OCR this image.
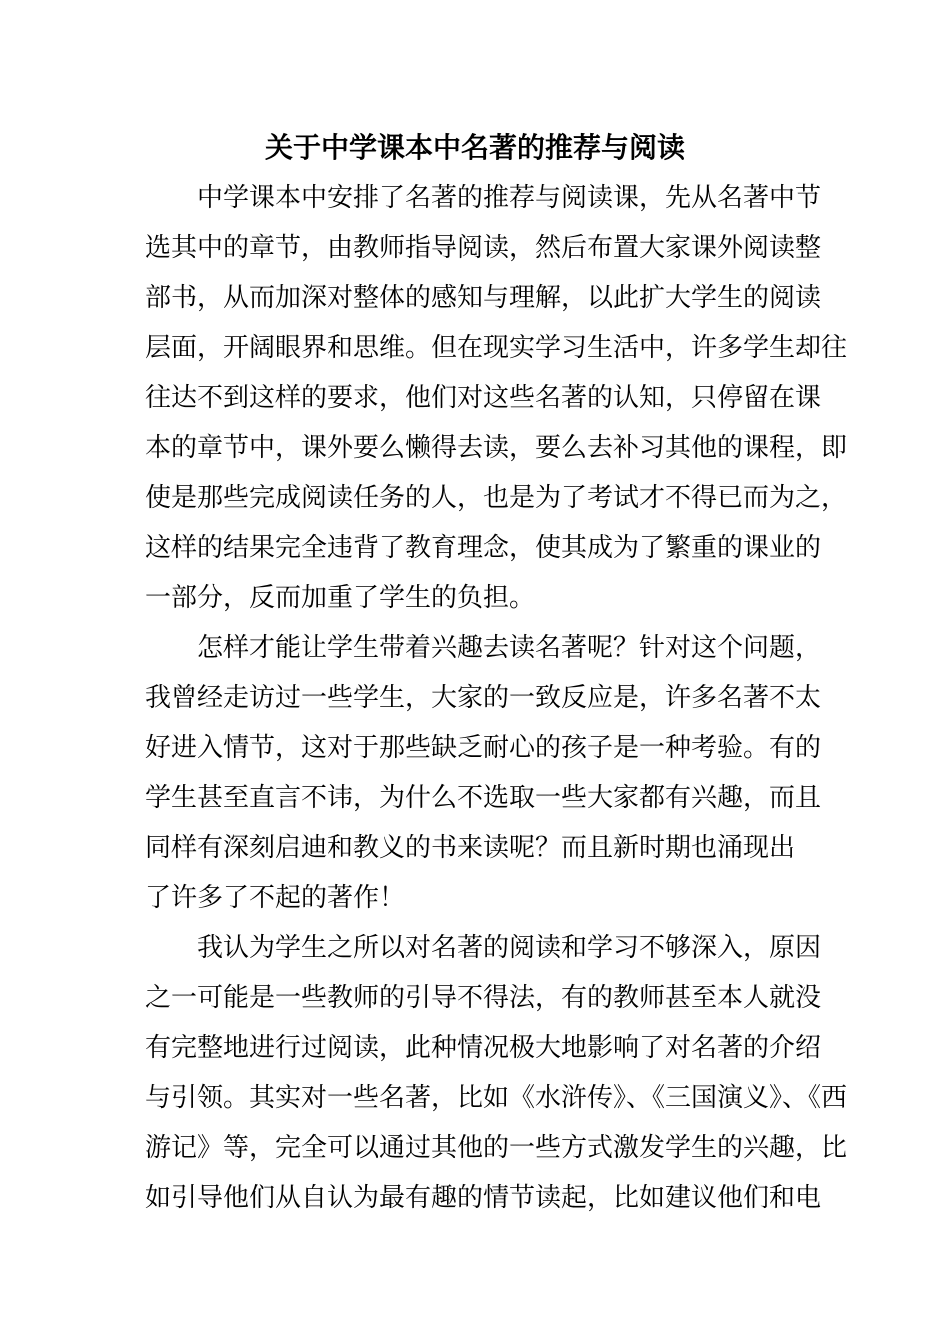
关于中学课本中名著的推荐与阅读
中学课本中安排了名著的推荐与阅读课，先从名著中节
选其中的章节，由教师指导阅读，然后布置大家课外阅读整
部书，从而加深对整体的感知与理解，以此扩大学生的阅读
层面，开阔眼界和思维。但在现实学习生活中，许多学生却往
往达不到这样的要求，他们对这些名著的认知，只停留在课
本的章节中，课外要么懒得去读，要么去补习其他的课程，即
使是那些完成阅读任务的人，也是为了考试才不得已而为之，
这样的结果完全违背了教育理念，使其成为了繁重的课业的
一部分，反而加重了学生的负担。
怎样才能让学生带着兴趣去读名著呢？针对这个问题，
我曾经走访过一些学生，大家的一致反应是，许多名著不太
好进入情节，这对于那些缺乏耐心的孩子是一种考验。有的
学生甚至直言不讳，为什么不选取一些大家都有兴趣，而且
同样有深刻启迪和教义的书来读呢？而且新时期也涌现出
了许多了不起的著作！
我认为学生之所以对名著的阅读和学习不够深入，原因
之一可能是一些教师的引导不得法，有的教师甚至本人就没
有完整地进行过阅读，此种情况极大地影响了对名著的介绍
与引领。其实对一些名著，比如《水浒传》、《三国演义》、《西
游记》等，完全可以通过其他的一些方式激发学生的兴趣，比
如引导他们从自认为最有趣的情节读起，比如建议他们和电
